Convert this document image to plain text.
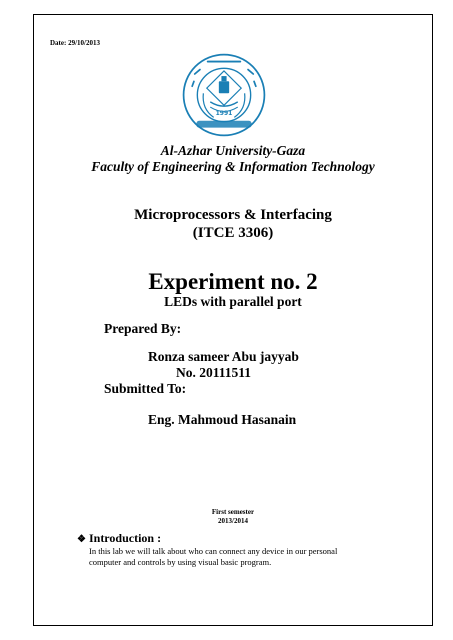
Date: 29/10/2013
1991
Al-Azhar University-Gaza
Faculty of Engineering & Information Technology
Microprocessors & Interfacing
(ITCE 3306)
Experiment no. 2
LEDs with parallel port
Prepared By:
Ronza sameer Abu jayyab
No. 20111511
Submitted To:
Eng. Mahmoud Hasanain
First semester
2013/2014
❖ Introduction :
In this lab we will talk about who can connect any device in our personal
computer and controls by using visual basic program.
